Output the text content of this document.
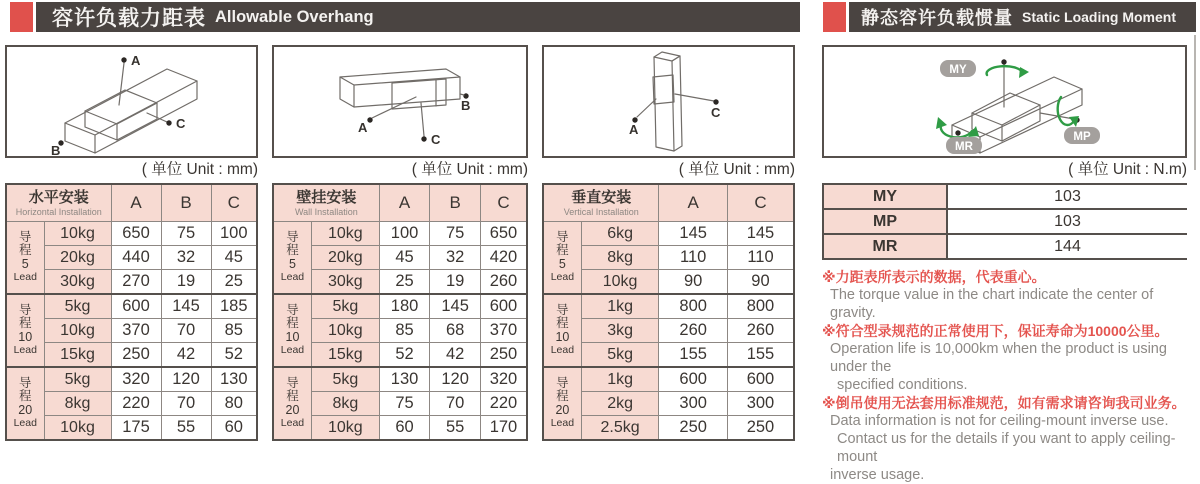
容许负载力距表 Allowable Overhang	静态容许负载惯量 Static Loading Moment
A
C
B
B
A
C
A
C
MY
MP
MR
( 单位 Unit : mm)	( 单位 Unit : mm)	( 单位 Unit : mm)	( 单位 Unit : N.m)
水平安装
Horizontal Installation		A	B	C

导
程
5
Lead	10kg	650	75	100
	20kg	440	32	45
	30kg	270	19	25

导
程
10
Lead	5kg	600	145	185
	10kg	370	70	85
	15kg	250	42	52

导
程
20
Lead	5kg	320	120	130
	8kg	220	70	80
	10kg	175	55	60
壁挂安装
Wall Installation		A	B	C

导
程
5
Lead	10kg	100	75	650
	20kg	45	32	420
	30kg	25	19	260

导
程
10
Lead	5kg	180	145	600
	10kg	85	68	370
	15kg	52	42	250

导
程
20
Lead	5kg	130	120	320
	8kg	75	70	220
	10kg	60	55	170
垂直安装
Vertical Installation		A	C

导
程
5
Lead	6kg	145	145
	8kg	110	110
	10kg	90	90

导
程
10
Lead	1kg	800	800
	3kg	260	260
	5kg	155	155

导
程
20
Lead	1kg	600	600
	2kg	300	300
	2.5kg	250	250
MY	103
MP	103
MR	144
※力距表所表示的数据，代表重心。
The torque value in the chart indicate the center of gravity.
※符合型录规范的正常使用下，保证寿命为10000公里。
Operation life is 10,000km when the product is using under the
specified conditions.
※倒吊使用无法套用标准规范，如有需求请咨询我司业务。
Data information is not for ceiling-mount inverse use.
Contact us for the details if you want to apply ceiling-mount
inverse usage.
